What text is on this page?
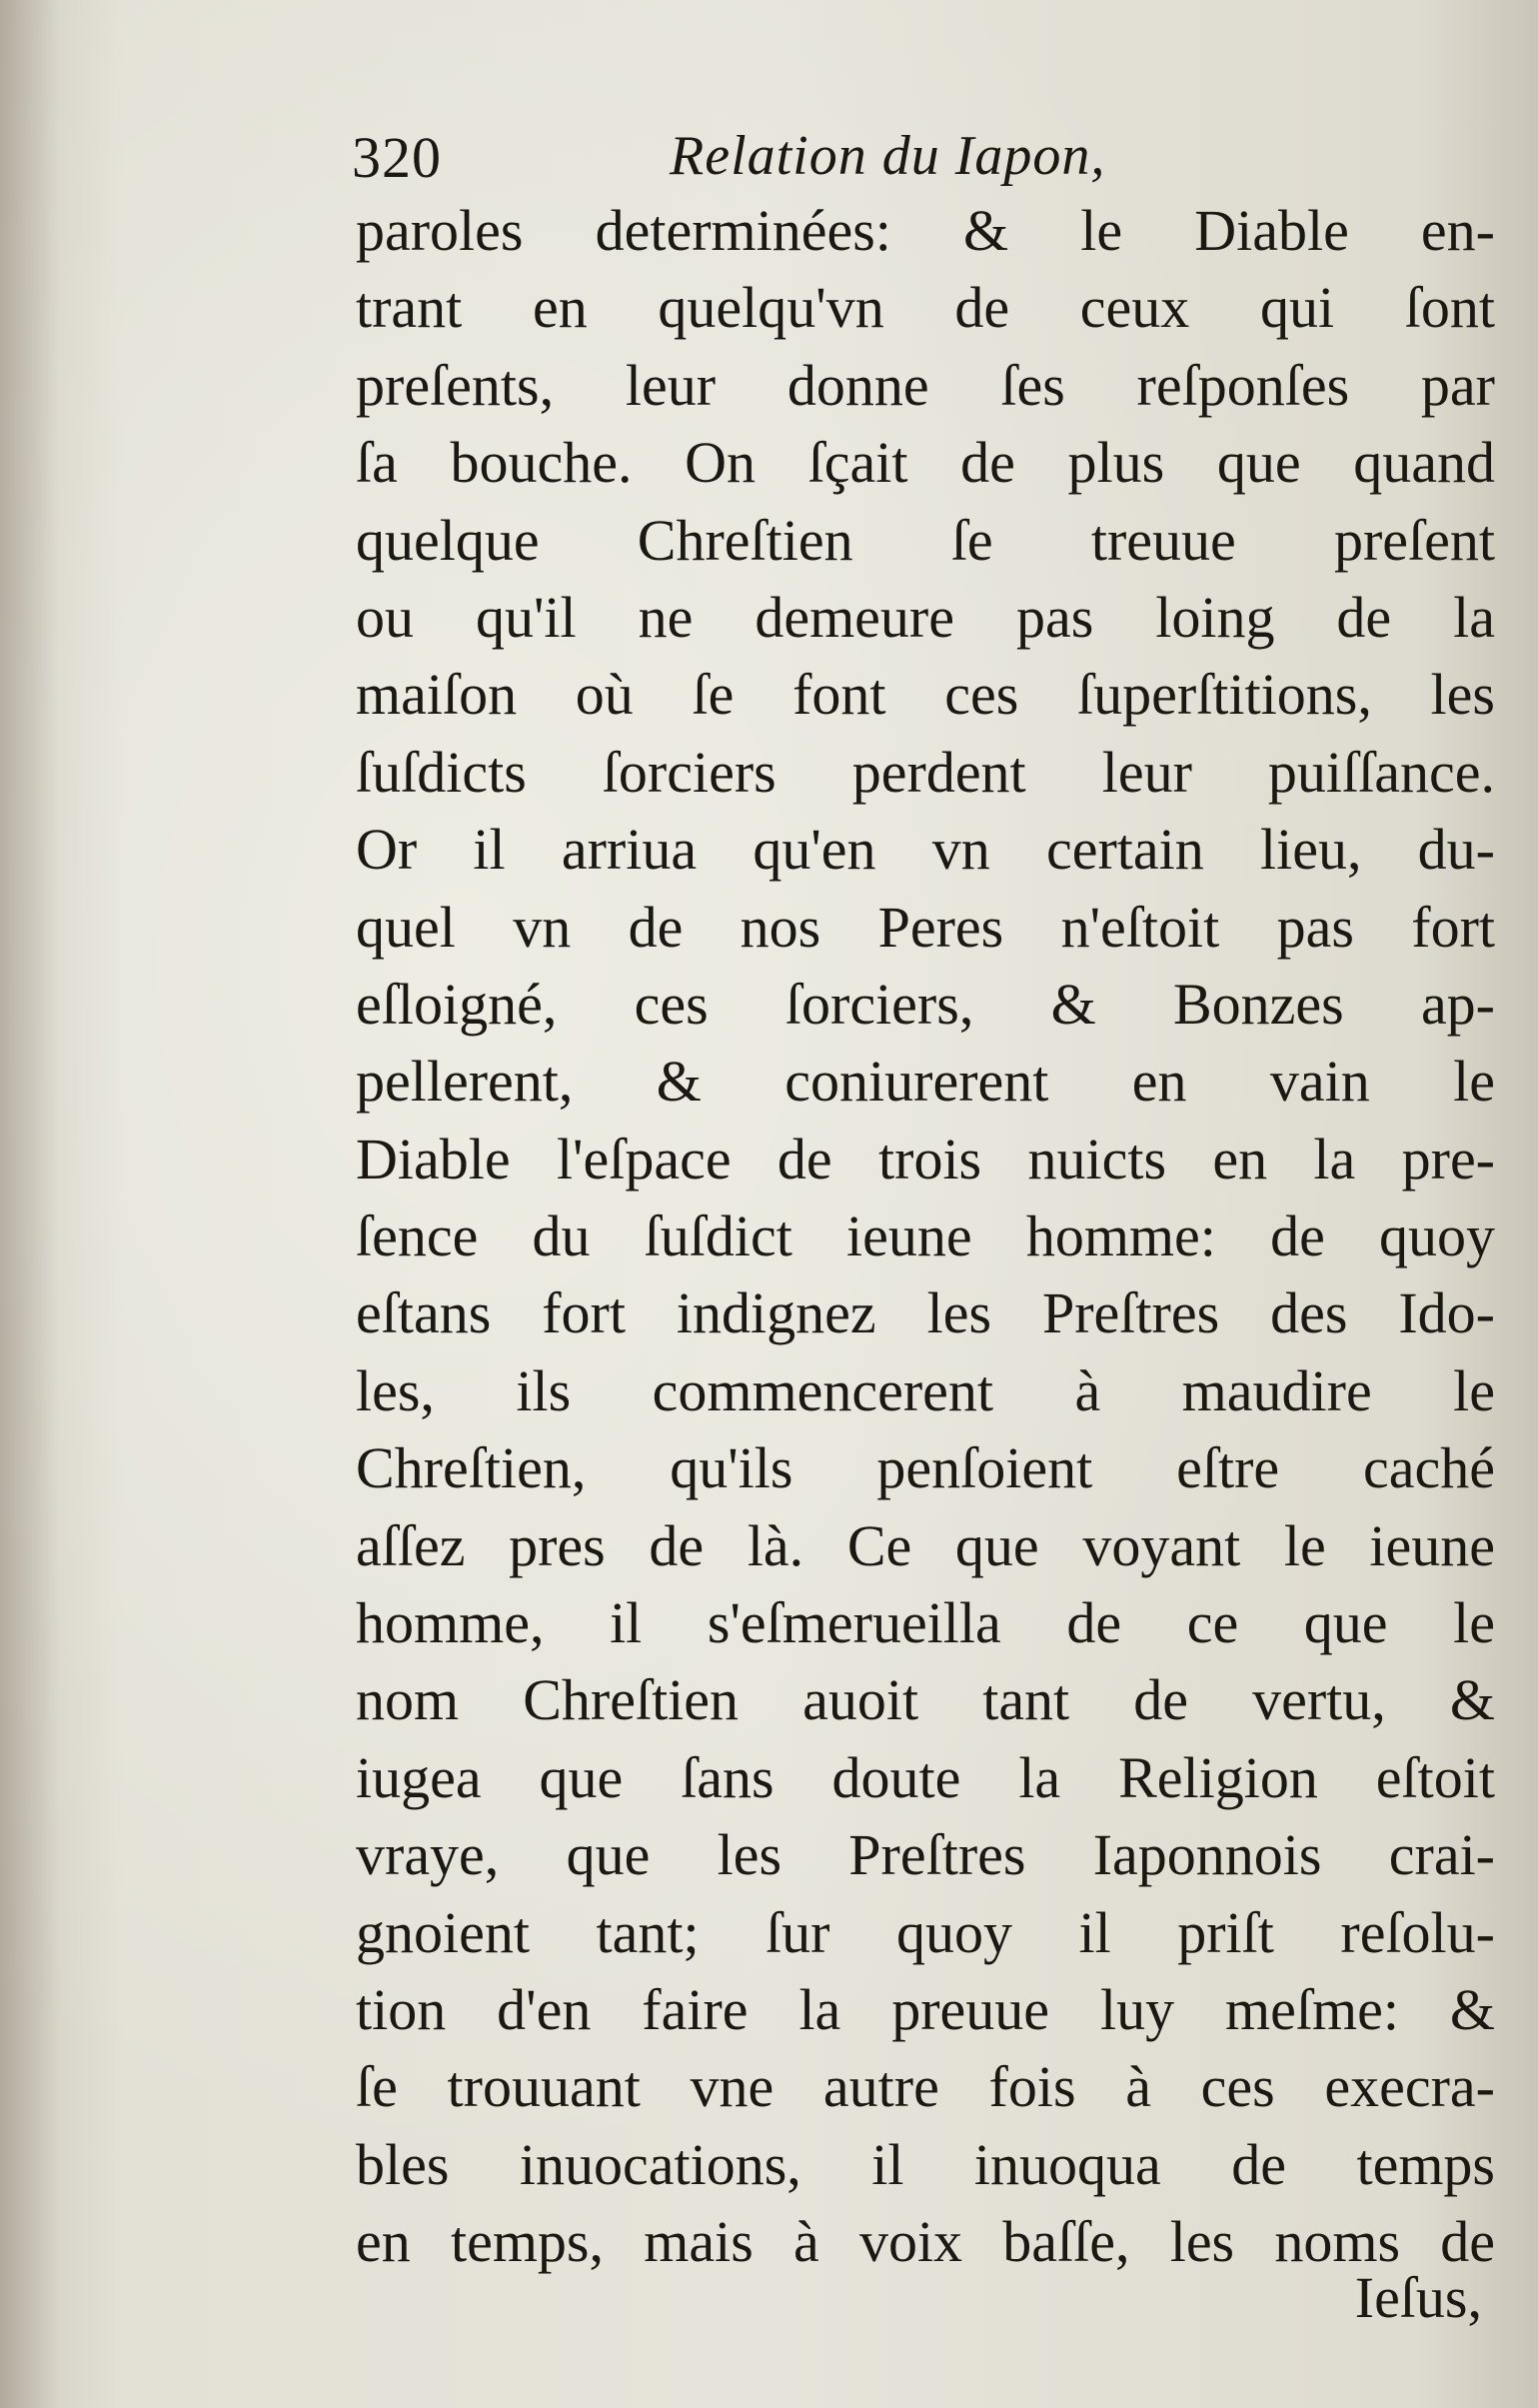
320	Relation du Iapon,
paroles determinées: & le Diable en-
trant en quelqu'vn de ceux qui ſont
preſents, leur donne ſes reſponſes par
ſa bouche. On ſçait de plus que quand
quelque Chreſtien ſe treuue preſent
ou qu'il ne demeure pas loing de la
maiſon où ſe font ces ſuperſtitions, les
ſuſdicts ſorciers perdent leur puiſſance.
Or il arriua qu'en vn certain lieu, du-
quel vn de nos Peres n'eſtoit pas fort
eſloigné, ces ſorciers, & Bonzes ap-
pellerent, & coniurerent en vain le
Diable l'eſpace de trois nuicts en la pre-
ſence du ſuſdict ieune homme: de quoy
eſtans fort indignez les Preſtres des Ido-
les, ils commencerent à maudire le
Chreſtien, qu'ils penſoient eſtre caché
aſſez pres de là. Ce que voyant le ieune
homme, il s'eſmerueilla de ce que le
nom Chreſtien auoit tant de vertu, &
iugea que ſans doute la Religion eſtoit
vraye, que les Preſtres Iaponnois crai-
gnoient tant; ſur quoy il priſt reſolu-
tion d'en faire la preuue luy meſme: &
ſe trouuant vne autre fois à ces execra-
bles inuocations, il inuoqua de temps
en temps, mais à voix baſſe, les noms de
Ieſus,
